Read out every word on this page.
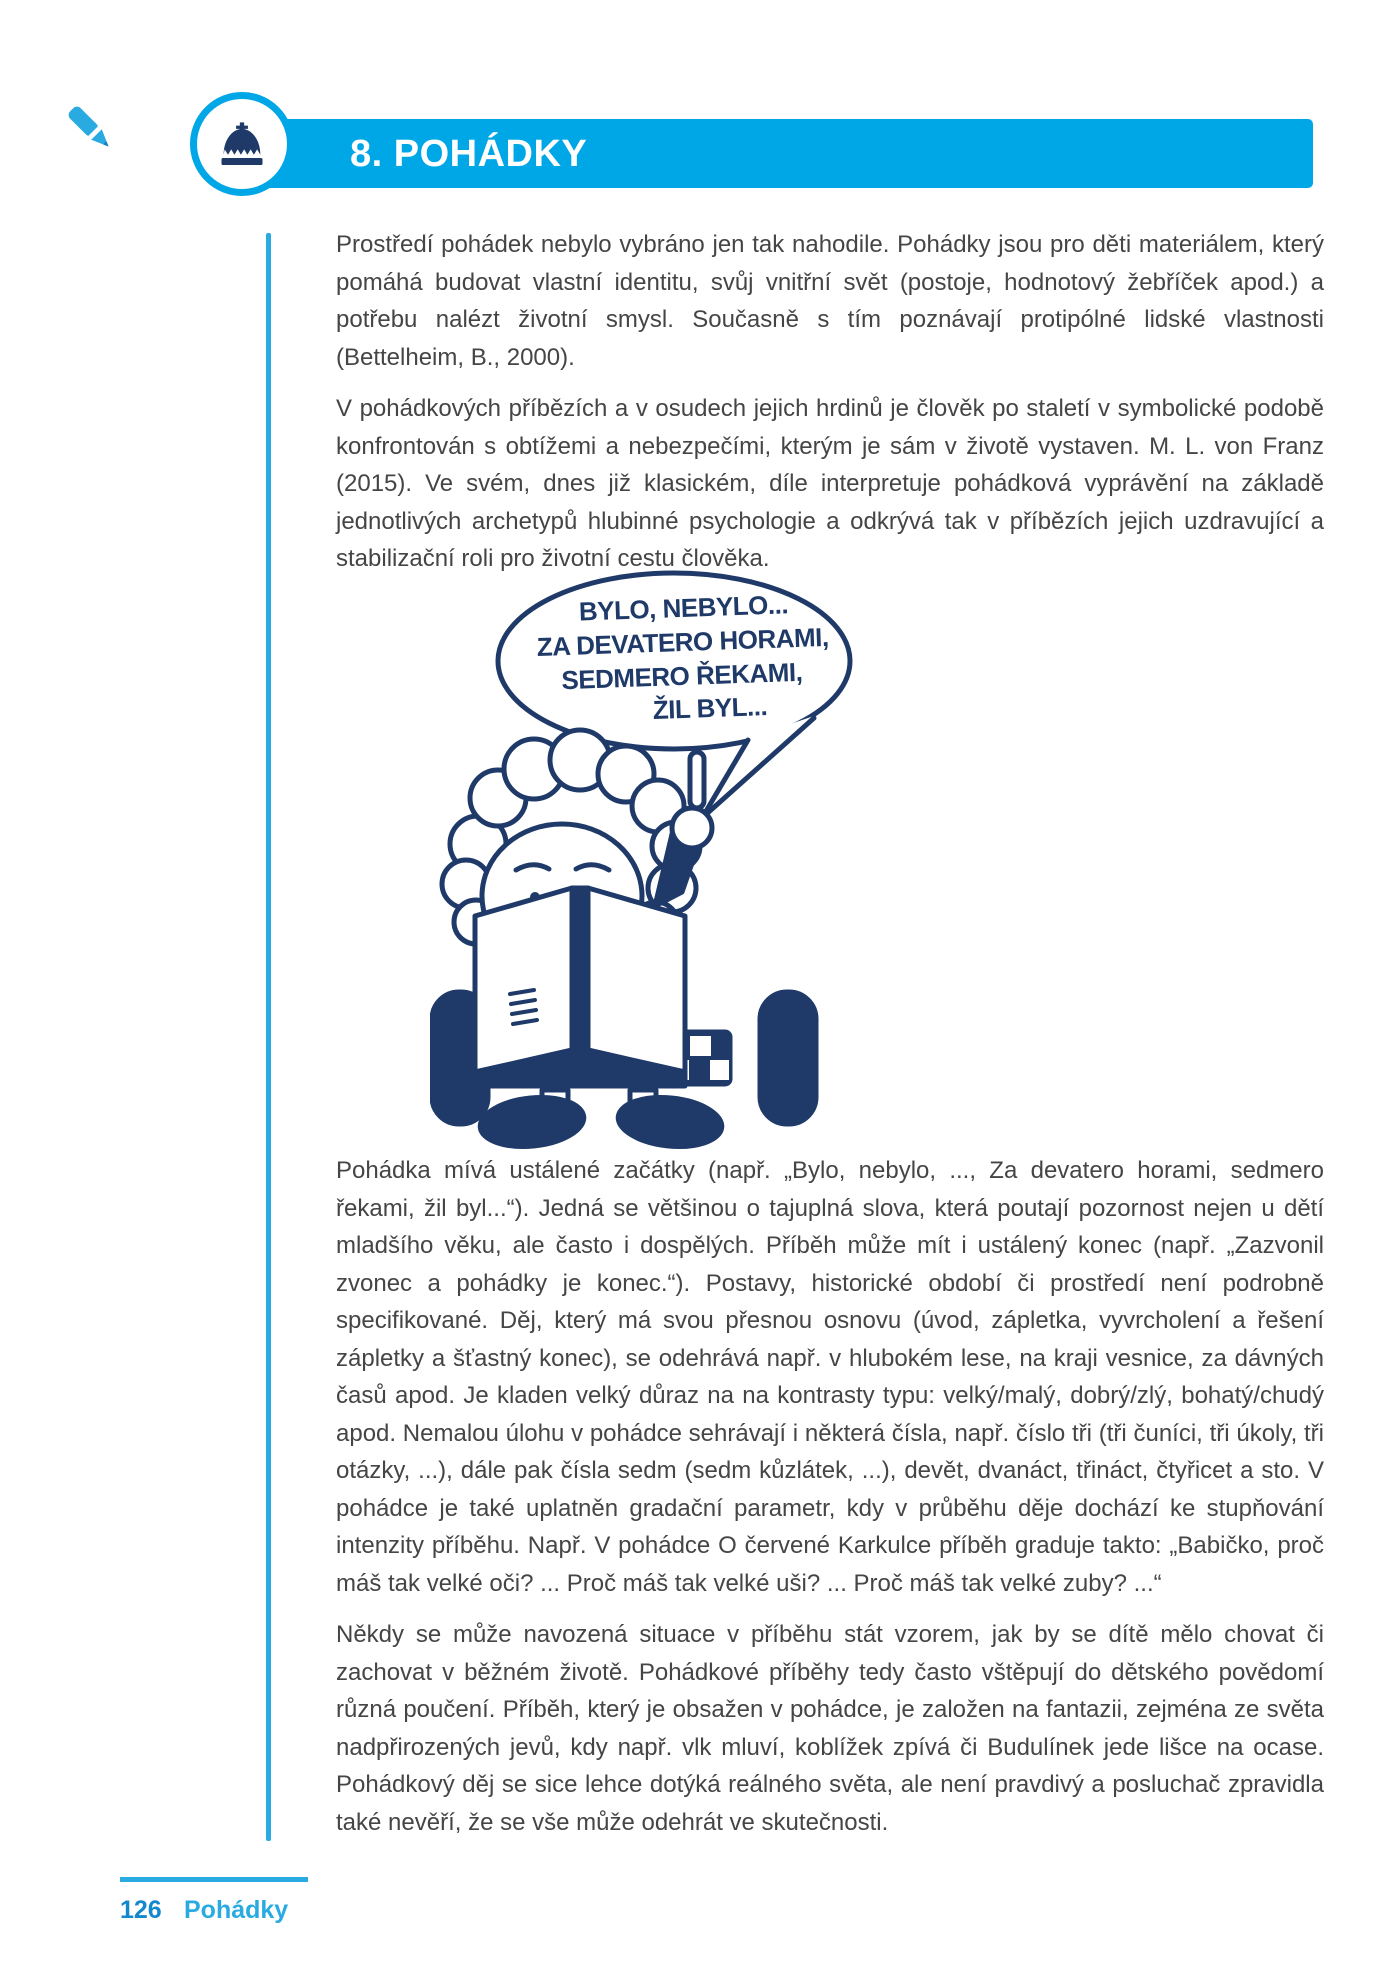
8. POHÁDKY

Prostředí pohádek nebylo vybráno jen tak nahodile. Pohádky jsou pro děti materiálem, který pomáhá budovat vlastní identitu, svůj vnitřní svět (postoje, hodnotový žebříček apod.) a potřebu nalézt životní smysl. Současně s tím poznávají protipólné lidské vlastnosti (Bettelheim, B., 2000).

V pohádkových příbězích a v osudech jejich hrdinů je člověk po staletí v symbolické podobě konfrontován s obtížemi a nebezpečími, kterým je sám v životě vystaven. M. L. von Franz (2015). Ve svém, dnes již klasickém, díle interpretuje pohádková vyprávění na základě jednotlivých archetypů hlubinné psychologie a odkrývá tak v příbězích jejich uzdravující a stabilizační roli pro životní cestu člověka.

BYLO, NEBYLO...
ZA DEVATERO HORAMI,
SEDMERO ŘEKAMI,
ŽIL BYL...

Pohádka mívá ustálené začátky (např. „Bylo, nebylo, ..., Za devatero horami, sedmero řekami, žil byl...“). Jedná se většinou o tajuplná slova, která poutají pozornost nejen u dětí mladšího věku, ale často i dospělých. Příběh může mít i ustálený konec (např. „Zazvonil zvonec a pohádky je konec.“). Postavy, historické období či prostředí není podrobně specifikované. Děj, který má svou přesnou osnovu (úvod, zápletka, vyvrcholení a řešení zápletky a šťastný konec), se odehrává např. v hlubokém lese, na kraji vesnice, za dávných časů apod. Je kladen velký důraz na na kontrasty typu: velký/malý, dobrý/zlý, bohatý/chudý apod. Nemalou úlohu v pohádce sehrávají i některá čísla, např. číslo tři (tři čuníci, tři úkoly, tři otázky, ...), dále pak čísla sedm (sedm kůzlátek, ...), devět, dvanáct, třináct, čtyřicet a sto. V pohádce je také uplatněn gradační parametr, kdy v průběhu děje dochází ke stupňování intenzity příběhu. Např. V pohádce O červené Karkulce příběh graduje takto: „Babičko, proč máš tak velké oči? ... Proč máš tak velké uši? ... Proč máš tak velké zuby? ...“

Někdy se může navozená situace v příběhu stát vzorem, jak by se dítě mělo chovat či zachovat v běžném životě. Pohádkové příběhy tedy často vštěpují do dětského povědomí různá poučení. Příběh, který je obsažen v pohádce, je založen na fantazii, zejména ze světa nadpřirozených jevů, kdy např. vlk mluví, koblížek zpívá či Budulínek jede lišce na ocase. Pohádkový děj se sice lehce dotýká reálného světa, ale není pravdivý a posluchač zpravidla také nevěří, že se vše může odehrát ve skutečnosti.

126 Pohádky
